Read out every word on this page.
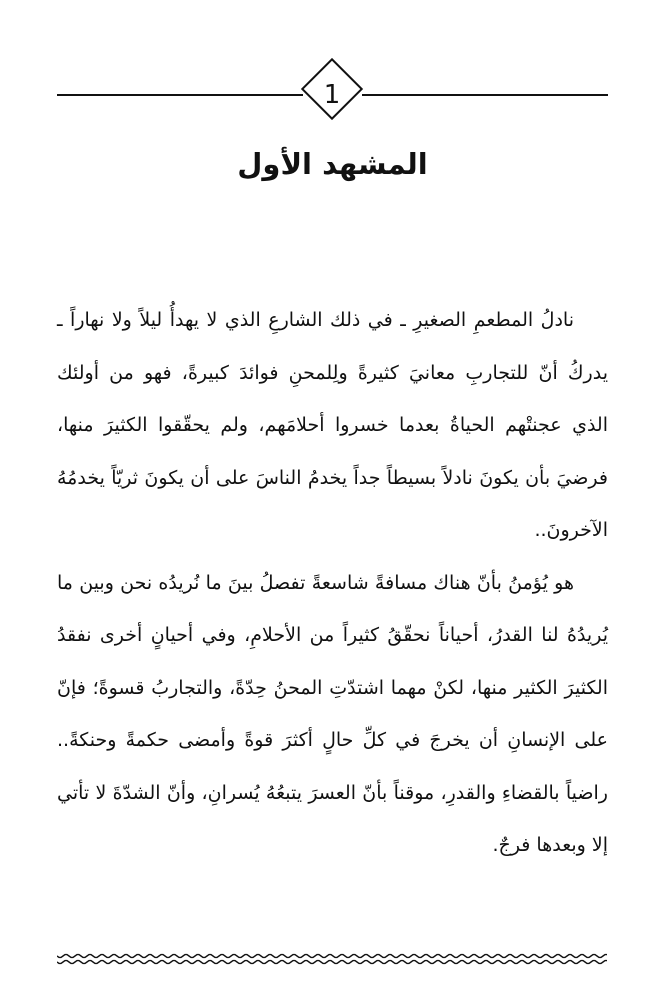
1
المشهد الأول

نادلُ المطعمِ الصغيرِ ـ في ذلك الشارعِ الذي لا يهدأُ ليلاً ولا نهاراً ـ يدركُ أنّ للتجاربِ معانيَ كثيرةً ولِلمحنِ فوائدَ كبيرةً، فهو من أولئك الذي عجنتْهم الحياةُ بعدما خسروا أحلامَهم، ولم يحقّقوا الكثيرَ منها، فرضيَ بأن يكونَ نادلاً بسيطاً جداً يخدمُ الناسَ على أن يكونَ ثريّاً يخدمُهُ الآخرونَ..

هو يُؤمنُ بأنّ هناك مسافةً شاسعةً تفصلُ بينَ ما نُريدُه نحن وبين ما يُريدُهُ لنا القدرُ، أحياناً نحقّقُ كثيراً من الأحلامِ، وفي أحيانٍ أخرى نفقدُ الكثيرَ الكثير منها، لكنْ مهما اشتدّتِ المحنُ حِدّةً، والتجاربُ قسوةً؛ فإنّ على الإنسانِ أن يخرجَ في كلِّ حالٍ أكثرَ قوةً وأمضى حكمةً وحنكةً.. راضياً بالقضاءِ والقدرِ، موقناً بأنّ العسرَ يتبعُهُ يُسرانِ، وأنّ الشدّةَ لا تأتي إلا وبعدها فرجٌ.
